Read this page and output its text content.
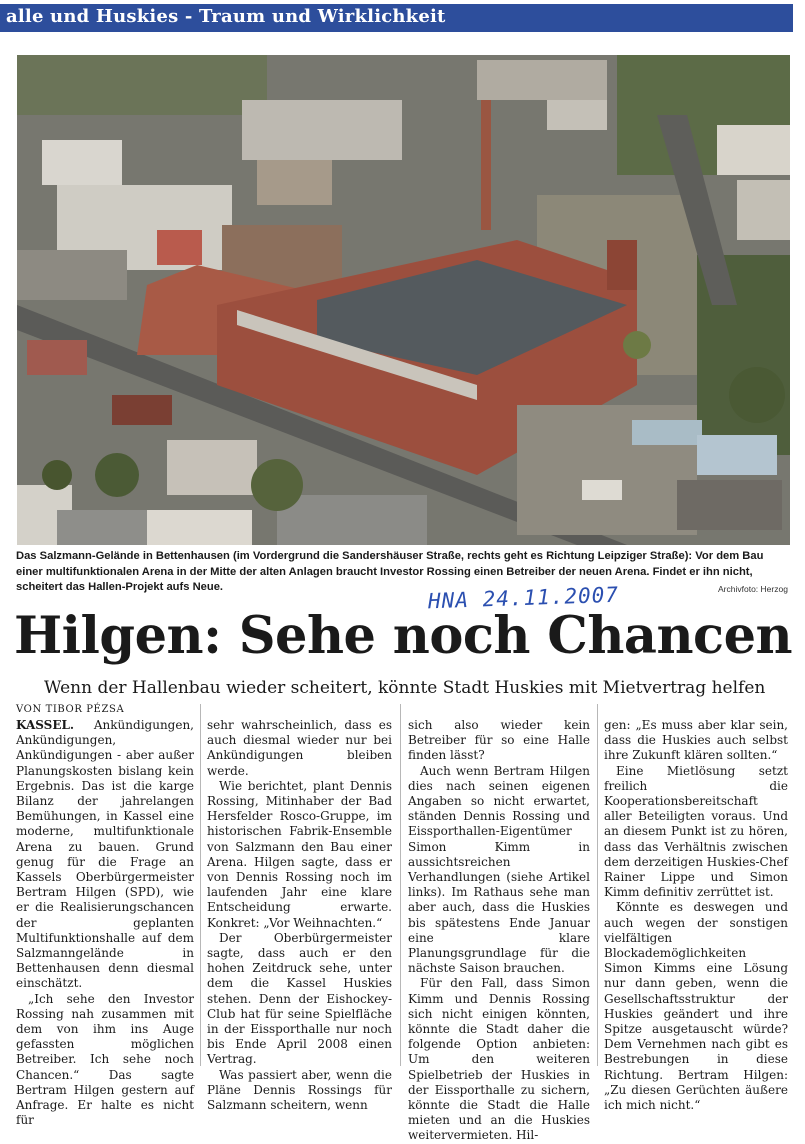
alle und Huskies - Traum und Wirklichkeit
Das Salzmann-Gelände in Bettenhausen (im Vordergrund die Sandershäuser Straße, rechts geht es Richtung Leipziger Straße): Vor dem Bau einer multifunktionalen Arena in der Mitte der alten Anlagen braucht Investor Rossing einen Betreiber der neuen Arena. Findet er ihn nicht, scheitert das Hallen-Projekt aufs Neue.	Archivfoto: Herzog
HNA 24.11.2007
Hilgen: Sehe noch Chancen
Wenn der Hallenbau wieder scheitert, könnte Stadt Huskies mit Mietvertrag helfen
VON TIBOR PÉZSA

KASSEL. Ankündigungen, Ankündigungen, Ankündigungen - aber außer Planungskosten bislang kein Ergebnis. Das ist die karge Bilanz der jahrelangen Bemühungen, in Kassel eine moderne, multifunktionale Arena zu bauen. Grund genug für die Frage an Kassels Oberbürgermeister Bertram Hilgen (SPD), wie er die Realisierungschancen der geplanten Multifunktionshalle auf dem Salzmanngelände in Bettenhausen denn diesmal einschätzt.

„Ich sehe den Investor Rossing nah zusammen mit dem von ihm ins Auge gefassten möglichen Betreiber. Ich sehe noch Chancen.“ Das sagte Bertram Hilgen gestern auf Anfrage. Er halte es nicht für

sehr wahrscheinlich, dass es auch diesmal wieder nur bei Ankündigungen bleiben werde.

Wie berichtet, plant Dennis Rossing, Mitinhaber der Bad Hersfelder Rosco-Gruppe, im historischen Fabrik-Ensemble von Salzmann den Bau einer Arena. Hilgen sagte, dass er von Dennis Rossing noch im laufenden Jahr eine klare Entscheidung erwarte. Konkret: „Vor Weihnachten.“

Der Oberbürgermeister sagte, dass auch er den hohen Zeitdruck sehe, unter dem die Kassel Huskies stehen. Denn der Eishockey-Club hat für seine Spielfläche in der Eissporthalle nur noch bis Ende April 2008 einen Vertrag.

Was passiert aber, wenn die Pläne Dennis Rossings für Salzmann scheitern, wenn

sich also wieder kein Betreiber für so eine Halle finden lässt?

Auch wenn Bertram Hilgen dies nach seinen eigenen Angaben so nicht erwartet, ständen Dennis Rossing und Eissporthallen-Eigentümer Simon Kimm in aussichtsreichen Verhandlungen (siehe Artikel links). Im Rathaus sehe man aber auch, dass die Huskies bis spätestens Ende Januar eine klare Planungsgrundlage für die nächste Saison brauchen.

Für den Fall, dass Simon Kimm und Dennis Rossing sich nicht einigen könnten, könnte die Stadt daher die folgende Option anbieten: Um den weiteren Spielbetrieb der Huskies in der Eissporthalle zu sichern, könnte die Stadt die Halle mieten und an die Huskies weitervermieten. Hil-

gen: „Es muss aber klar sein, dass die Huskies auch selbst ihre Zukunft klären sollten.“

Eine Mietlösung setzt freilich die Kooperationsbereitschaft aller Beteiligten voraus. Und an diesem Punkt ist zu hören, dass das Verhältnis zwischen dem derzeitigen Huskies-Chef Rainer Lippe und Simon Kimm definitiv zerrüttet ist.

Könnte es deswegen und auch wegen der sonstigen vielfältigen Blockademöglichkeiten Simon Kimms eine Lösung nur dann geben, wenn die Gesellschaftsstruktur der Huskies geändert und ihre Spitze ausgetauscht würde? Dem Vernehmen nach gibt es Bestrebungen in diese Richtung. Bertram Hilgen: „Zu diesen Gerüchten äußere ich mich nicht.“
